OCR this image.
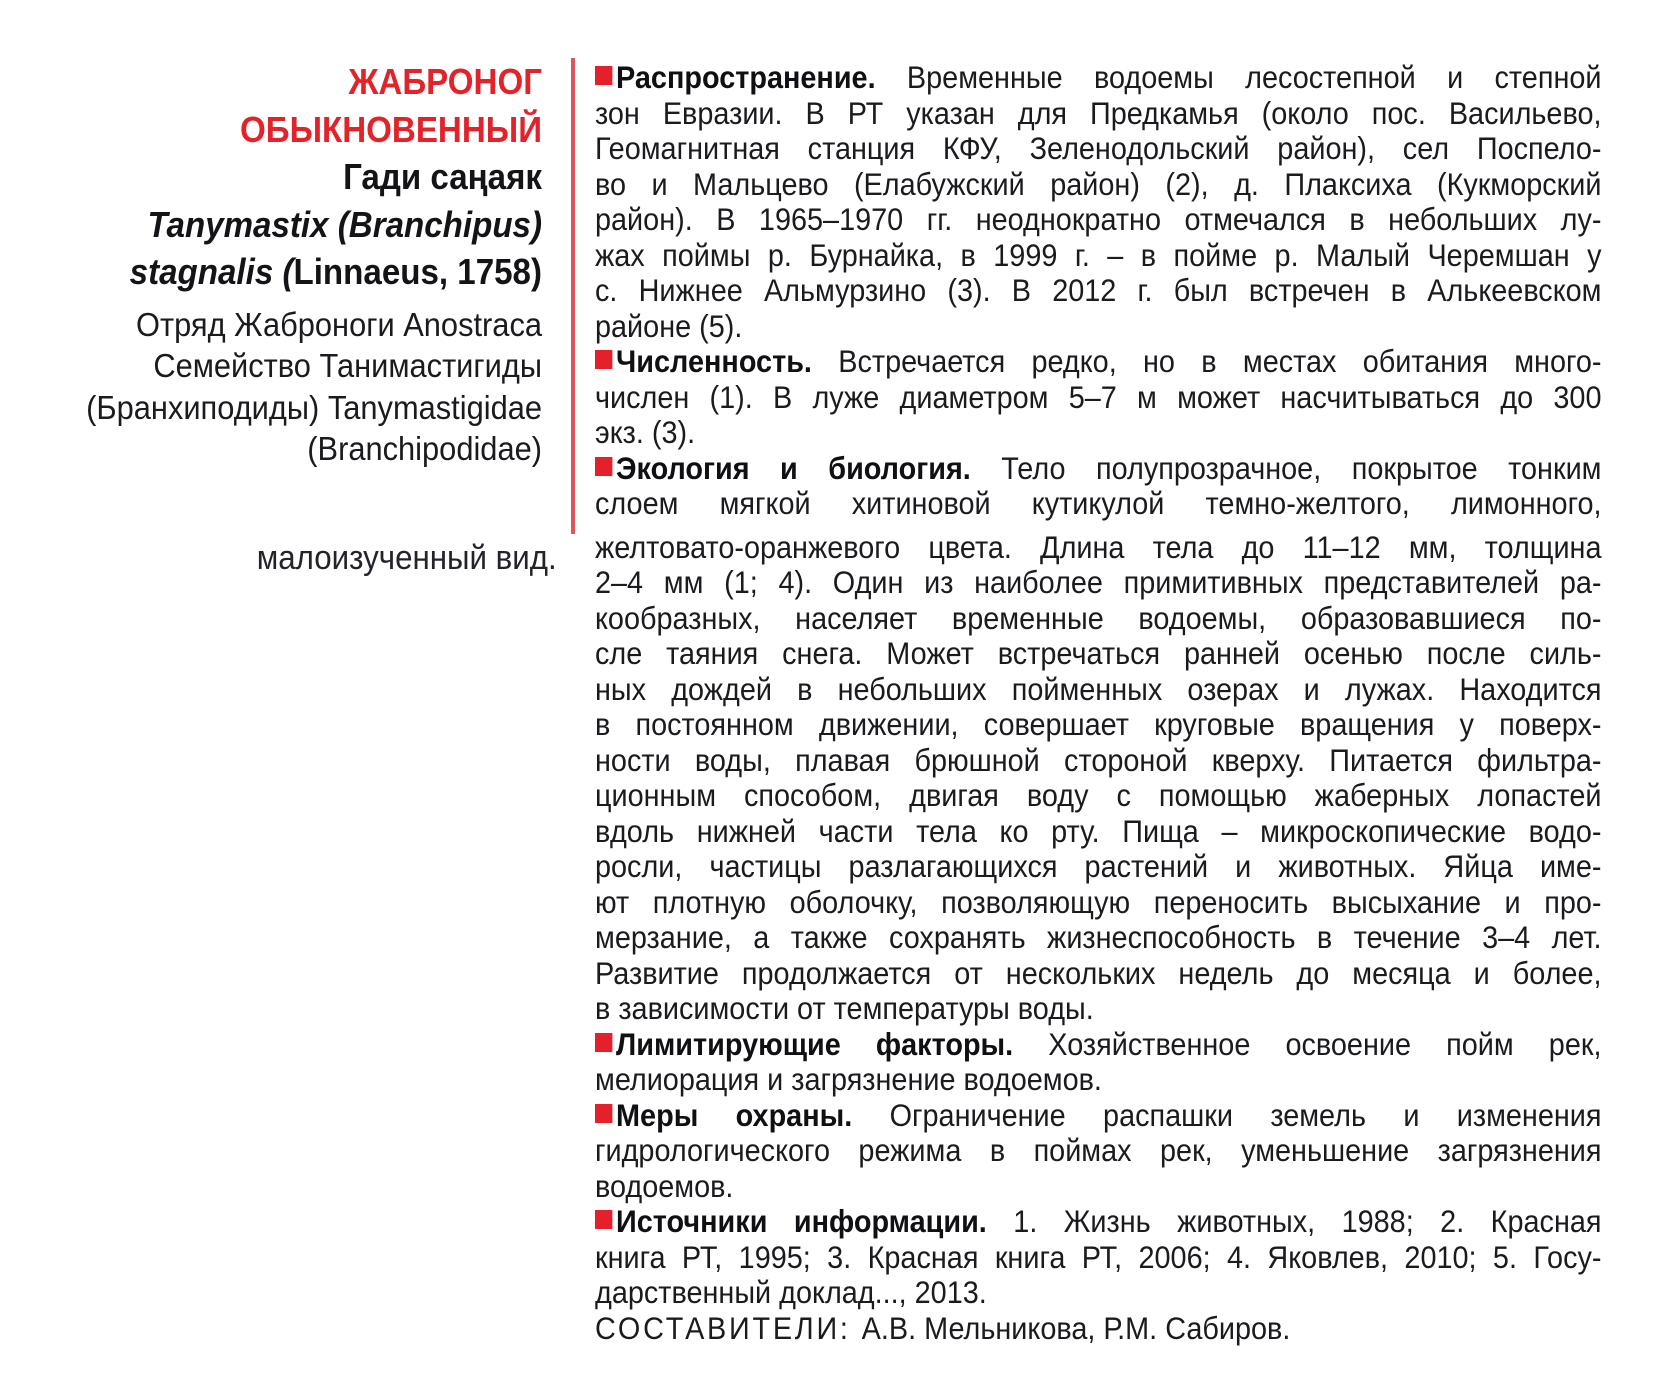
ЖАБРОНОГ
ОБЫКНОВЕННЫЙ
Гади саңаяк
Tanymastix (Branchipus)
stagnalis (Linnaeus, 1758)
Отряд Жаброноги Anostraca
Семейство Танимастигиды
(Бранхиподиды) Tanymastigidae
(Branchipodidae)
малоизученный вид.
Распространение. Временные водоемы лесостепной и степной
зон Евразии. В РТ указан для Предкамья (около пос. Васильево,
Геомагнитная станция КФУ, Зеленодольский район), сел Поспело-
во и Мальцево (Елабужский район) (2), д. Плаксиха (Кукморский
район). В 1965–1970 гг. неоднократно отмечался в небольших лу-
жах поймы р. Бурнайка, в 1999 г. – в пойме р. Малый Черемшан у
с. Нижнее Альмурзино (3). В 2012 г. был встречен в Алькеевском
районе (5).
Численность. Встречается редко, но в местах обитания много-
числен (1). В луже диаметром 5–7 м может насчитываться до 300
экз. (3).
Экология и биология. Тело полупрозрачное, покрытое тонким
слоем мягкой хитиновой кутикулой темно-желтого, лимонного,
желтовато-оранжевого цвета. Длина тела до 11–12 мм, толщина
2–4 мм (1; 4). Один из наиболее примитивных представителей ра-
кообразных, населяет временные водоемы, образовавшиеся по-
сле таяния снега. Может встречаться ранней осенью после силь-
ных дождей в небольших пойменных озерах и лужах. Находится
в постоянном движении, совершает круговые вращения у поверх-
ности воды, плавая брюшной стороной кверху. Питается фильтра-
ционным способом, двигая воду с помощью жаберных лопастей
вдоль нижней части тела ко рту. Пища – микроскопические водо-
росли, частицы разлагающихся растений и животных. Яйца име-
ют плотную оболочку, позволяющую переносить высыхание и про-
мерзание, а также сохранять жизнеспособность в течение 3–4 лет.
Развитие продолжается от нескольких недель до месяца и более,
в зависимости от температуры воды.
Лимитирующие факторы. Хозяйственное освоение пойм рек,
мелиорация и загрязнение водоемов.
Меры охраны. Ограничение распашки земель и изменения
гидрологического режима в поймах рек, уменьшение загрязнения
водоемов.
Источники информации. 1. Жизнь животных, 1988; 2. Красная
книга РТ, 1995; 3. Красная книга РТ, 2006; 4. Яковлев, 2010; 5. Госу-
дарственный доклад..., 2013.
СОСТАВИТЕЛИ: А.В. Мельникова, Р.М. Сабиров.
